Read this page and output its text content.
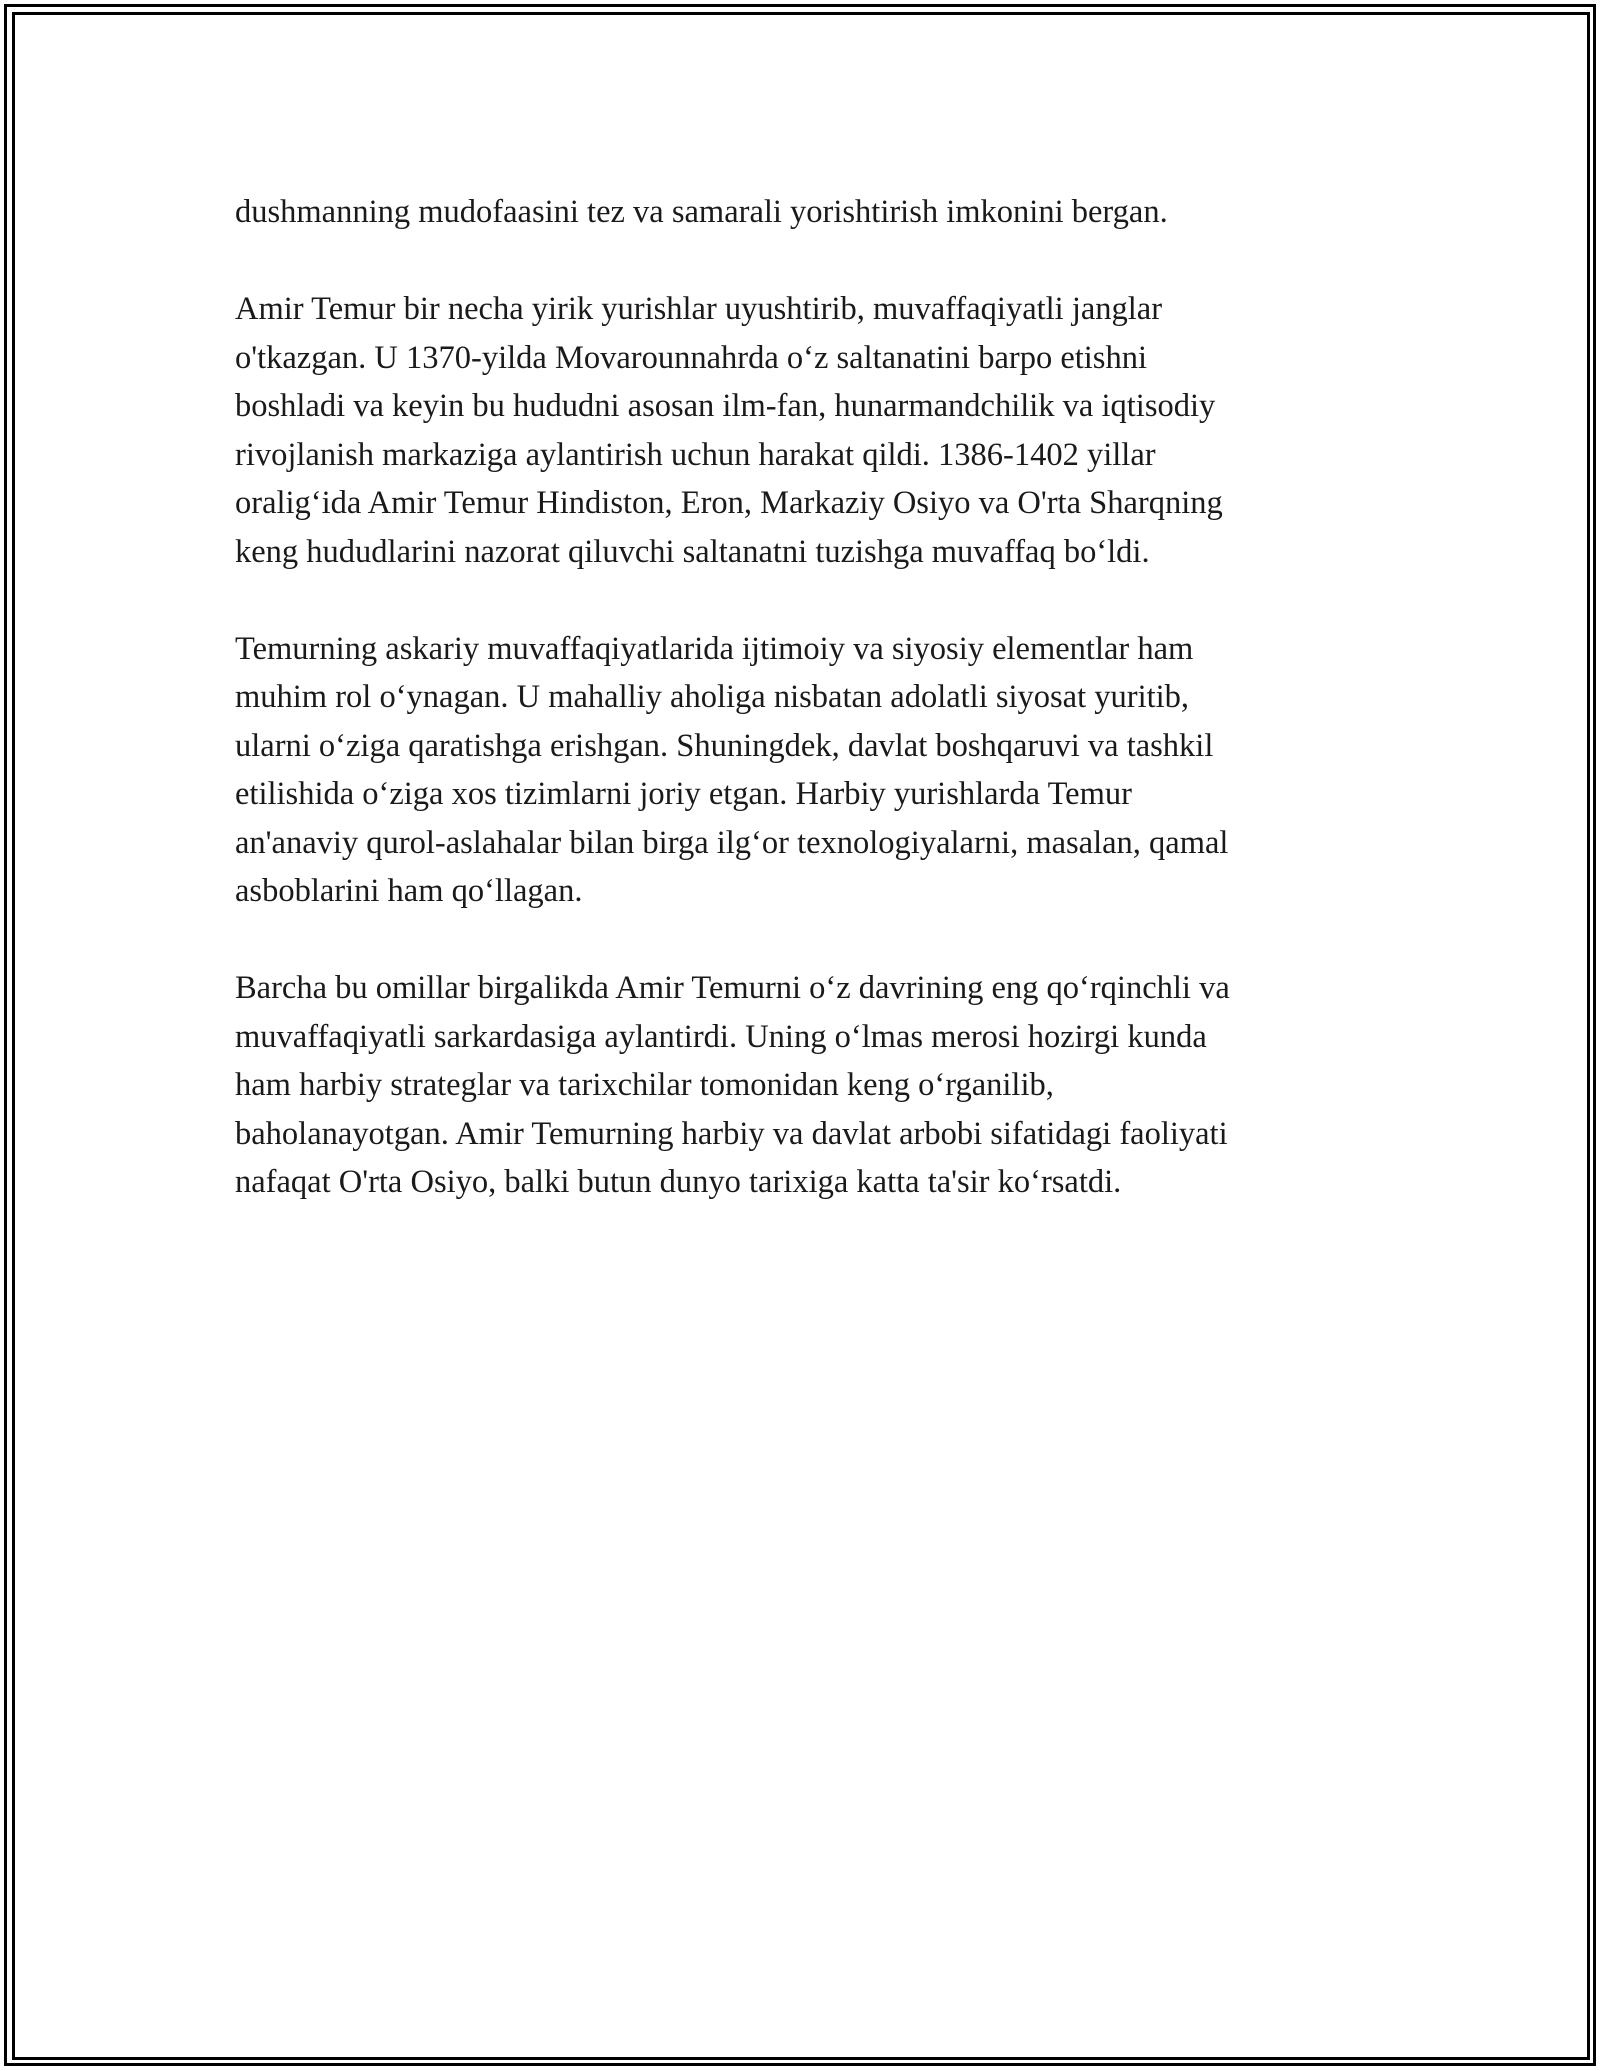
dushmanning mudofaasini tez va samarali yorishtirish imkonini bergan.

Amir Temur bir necha yirik yurishlar uyushtirib, muvaffaqiyatli janglar
o'tkazgan. U 1370-yilda Movarounnahrda o‘z saltanatini barpo etishni
boshladi va keyin bu hududni asosan ilm-fan, hunarmandchilik va iqtisodiy
rivojlanish markaziga aylantirish uchun harakat qildi. 1386-1402 yillar
oralig‘ida Amir Temur Hindiston, Eron, Markaziy Osiyo va O'rta Sharqning
keng hududlarini nazorat qiluvchi saltanatni tuzishga muvaffaq bo‘ldi.

Temurning askariy muvaffaqiyatlarida ijtimoiy va siyosiy elementlar ham
muhim rol o‘ynagan. U mahalliy aholiga nisbatan adolatli siyosat yuritib,
ularni o‘ziga qaratishga erishgan. Shuningdek, davlat boshqaruvi va tashkil
etilishida o‘ziga xos tizimlarni joriy etgan. Harbiy yurishlarda Temur
an'anaviy qurol-aslahalar bilan birga ilg‘or texnologiyalarni, masalan, qamal
asboblarini ham qo‘llagan.

Barcha bu omillar birgalikda Amir Temurni o‘z davrining eng qo‘rqinchli va
muvaffaqiyatli sarkardasiga aylantirdi. Uning o‘lmas merosi hozirgi kunda
ham harbiy strateglar va tarixchilar tomonidan keng o‘rganilib,
baholanayotgan. Amir Temurning harbiy va davlat arbobi sifatidagi faoliyati
nafaqat O'rta Osiyo, balki butun dunyo tarixiga katta ta'sir ko‘rsatdi.
